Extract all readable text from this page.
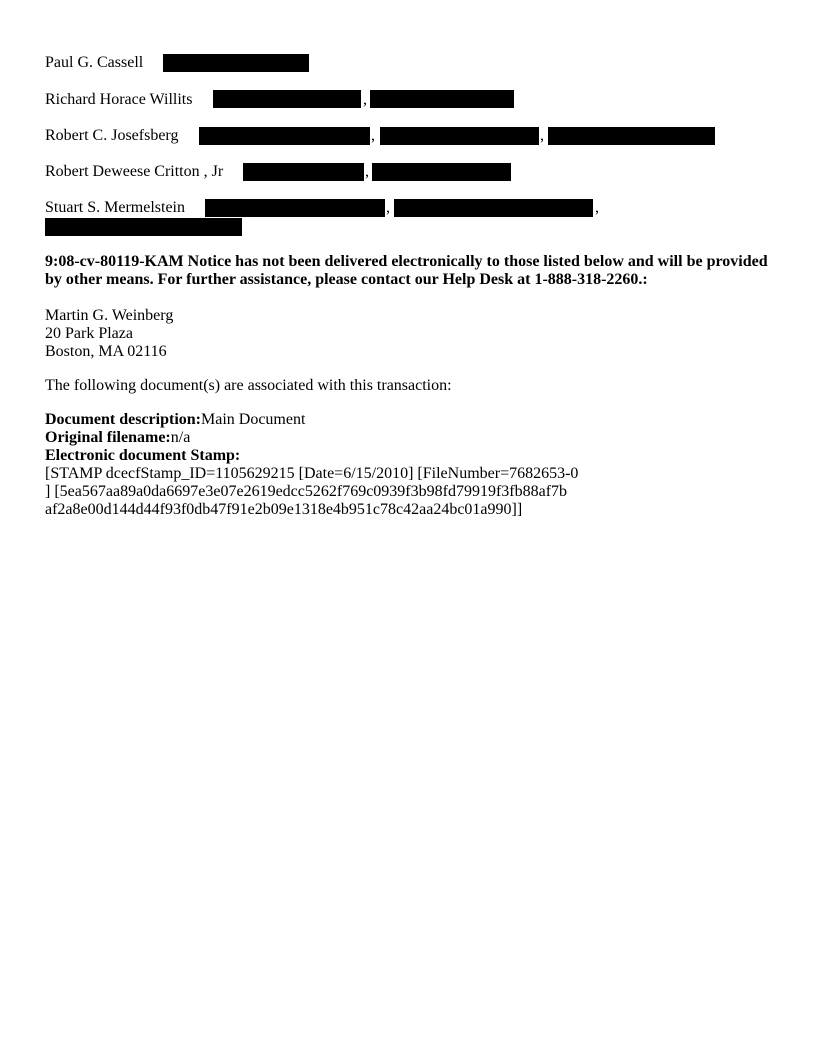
Paul G. Cassell
Richard Horace Willits	,
Robert C. Josefsberg	,	,
Robert Deweese Critton , Jr	,
Stuart S. Mermelstein	,	,

9:08-cv-80119-KAM Notice has not been delivered electronically to those listed below and will be provided by other means. For further assistance, please contact our Help Desk at 1-888-318-2260.:

Martin G. Weinberg
20 Park Plaza
Boston, MA 02116
The following document(s) are associated with this transaction:
Document description:Main Document
Original filename:n/a
Electronic document Stamp:
[STAMP dcecfStamp_ID=1105629215 [Date=6/15/2010] [FileNumber=7682653-0
] [5ea567aa89a0da6697e3e07e2619edcc5262f769c0939f3b98fd79919f3fb88af7b
af2a8e00d144d44f93f0db47f91e2b09e1318e4b951c78c42aa24bc01a990]]
